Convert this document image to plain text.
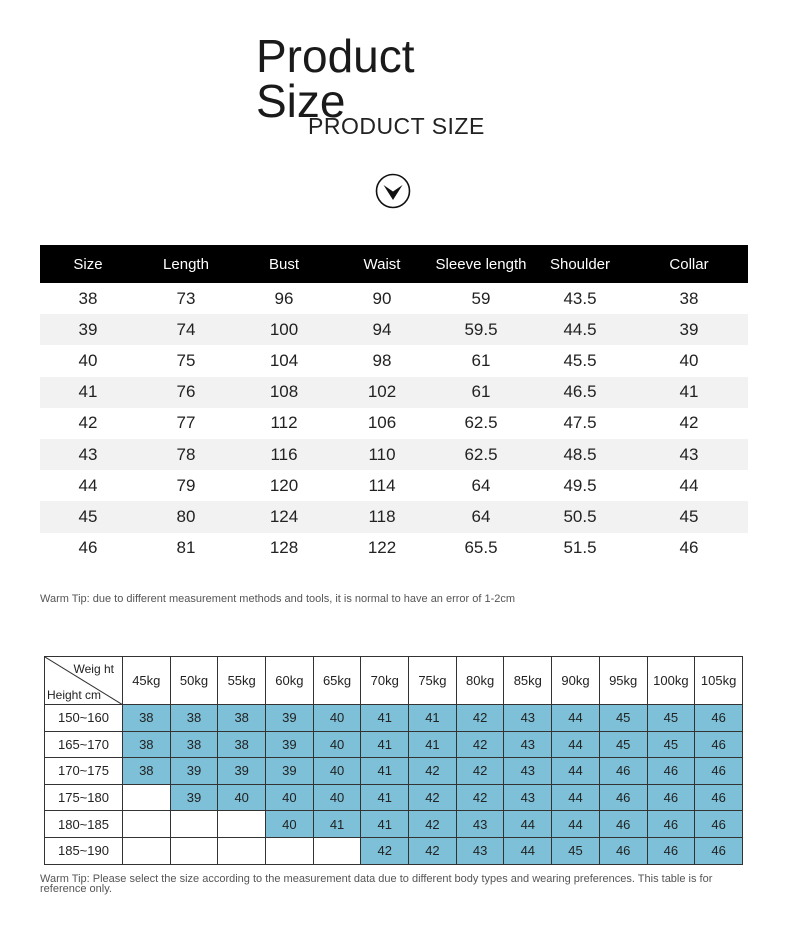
Product
Size
PRODUCT SIZE
Size	Length	Bust	Waist	Sleeve length	Shoulder	Collar
38	73	96	90	59	43.5	38
39	74	100	94	59.5	44.5	39
40	75	104	98	61	45.5	40
41	76	108	102	61	46.5	41
42	77	112	106	62.5	47.5	42
43	78	116	110	62.5	48.5	43
44	79	120	114	64	49.5	44
45	80	124	118	64	50.5	45
46	81	128	122	65.5	51.5	46
Warm Tip: due to different measurement methods and tools, it is normal to have an error of 1-2cm
Weig ht
Height cm	45kg	50kg	55kg	60kg	65kg	70kg	75kg	80kg	85kg	90kg	95kg	100kg	105kg
150~160	38	38	38	39	40	41	41	42	43	44	45	45	46
165~170	38	38	38	39	40	41	41	42	43	44	45	45	46
170~175	38	39	39	39	40	41	42	42	43	44	46	46	46
175~180		39	40	40	40	41	42	42	43	44	46	46	46
180~185				40	41	41	42	43	44	44	46	46	46
185~190						42	42	43	44	45	46	46	46
Warm Tip: Please select the size according to the measurement data due to different body types and wearing preferences. This table is for reference only.
